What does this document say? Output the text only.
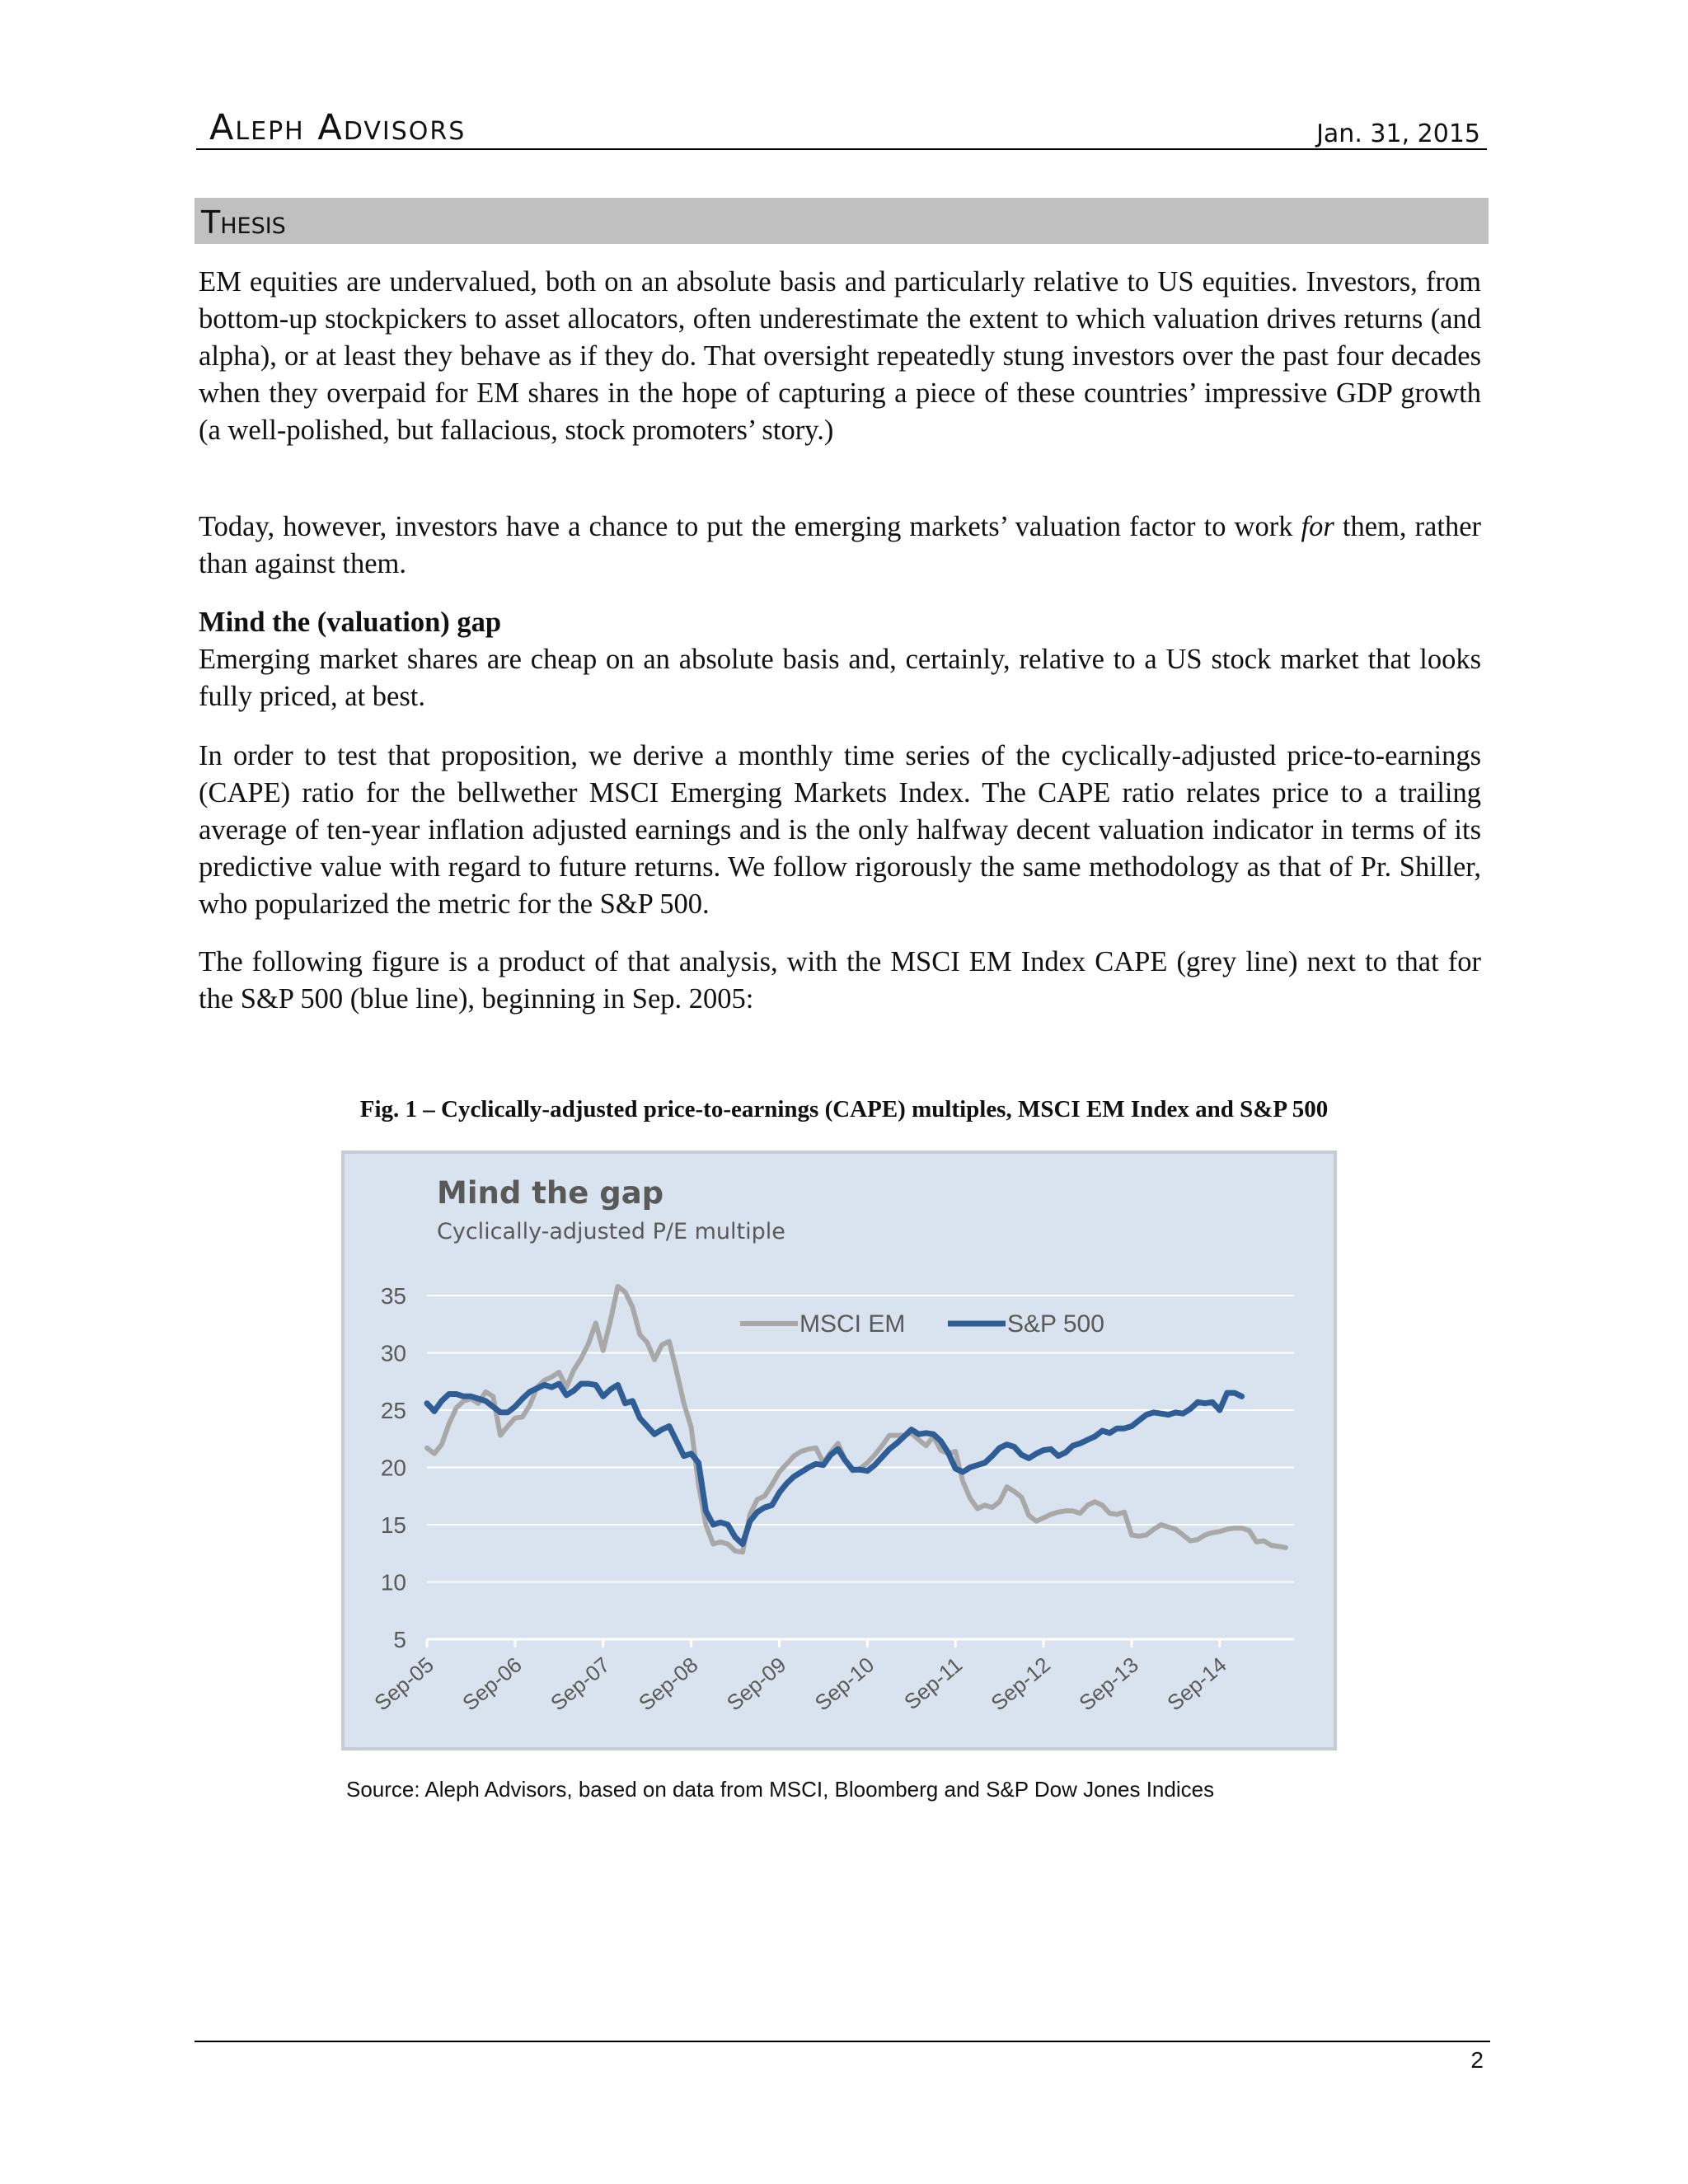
Aleph Advisors	Jan. 31, 2015
Thesis
EM equities are undervalued, both on an absolute basis and particularly relative to US equities. Investors, from bottom-up stockpickers to asset allocators, often underestimate the extent to which valuation drives returns (and alpha), or at least they behave as if they do. That oversight repeatedly stung investors over the past four decades when they overpaid for EM shares in the hope of capturing a piece of these countries’ impressive GDP growth (a well-polished, but fallacious, stock promoters’ story.)
Today, however, investors have a chance to put the emerging markets’ valuation factor to work for them, rather than against them.
Mind the (valuation) gap
Emerging market shares are cheap on an absolute basis and, certainly, relative to a US stock market that looks fully priced, at best.
In order to test that proposition, we derive a monthly time series of the cyclically-adjusted price-to-earnings (CAPE) ratio for the bellwether MSCI Emerging Markets Index. The CAPE ratio relates price to a trailing average of ten-year inflation adjusted earnings and is the only halfway decent valuation indicator in terms of its predictive value with regard to future returns. We follow rigorously the same methodology as that of Pr. Shiller, who popularized the metric for the S&P 500.
The following figure is a product of that analysis, with the MSCI EM Index CAPE (grey line) next to that for the S&P 500 (blue line), beginning in Sep. 2005:
Fig. 1 – Cyclically-adjusted price-to-earnings (CAPE) multiples, MSCI EM Index and S&P 500
Mind the gap
Cyclically-adjusted P/E multiple
35
30
25
20
15
10
5
Sep-05 Sep-06 Sep-07 Sep-08 Sep-09 Sep-10 Sep-11 Sep-12 Sep-13 Sep-14
MSCI EM	S&P 500
Source: Aleph Advisors, based on data from MSCI, Bloomberg and S&P Dow Jones Indices
2
